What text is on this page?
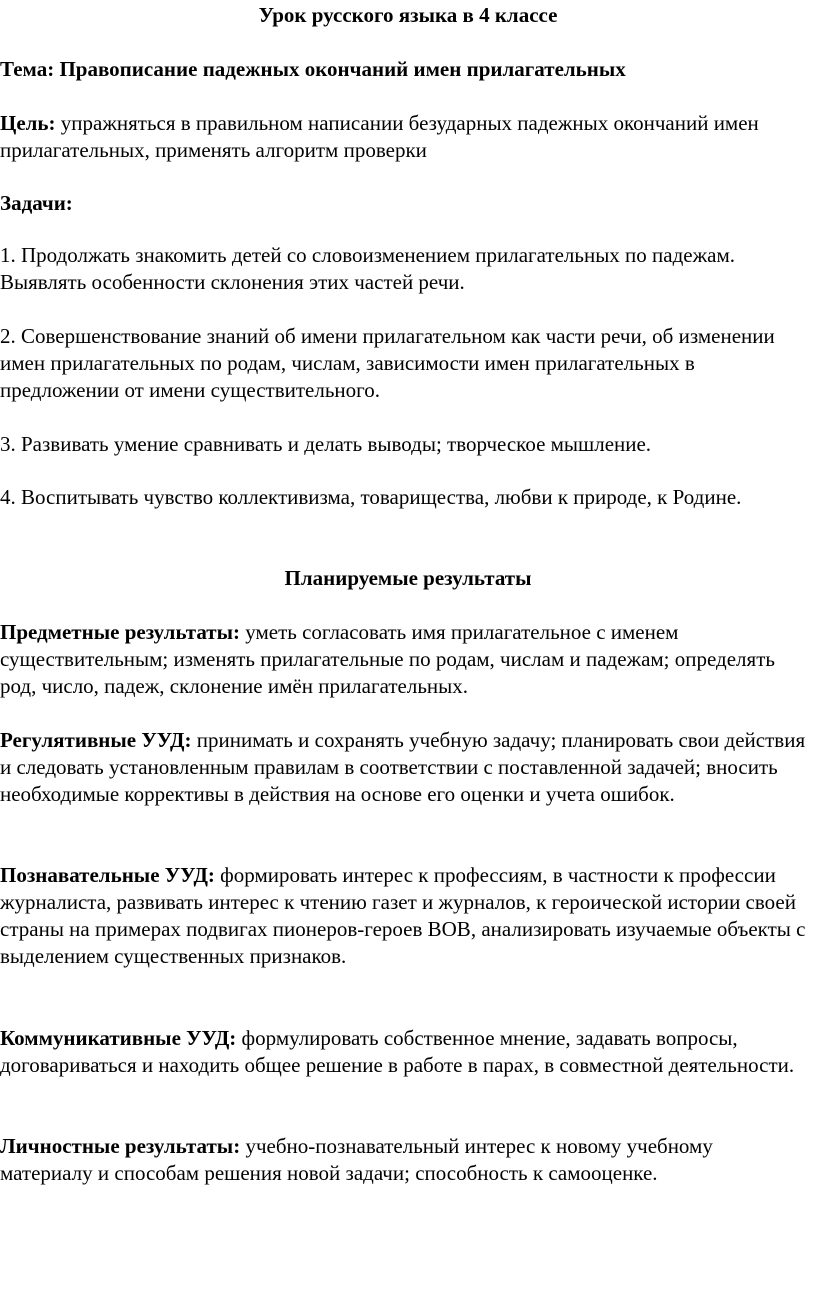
Урок русского языка в 4 классе

Тема: Правописание падежных окончаний имен прилагательных

Цель: упражняться в правильном написании безударных падежных окончаний имен прилагательных, применять алгоритм проверки

Задачи:

1. Продолжать знакомить детей со словоизменением прилагательных по падежам. Выявлять особенности склонения этих частей речи.

2. Совершенствование знаний об имени прилагательном как части речи, об изменении имен прилагательных по родам, числам, зависимости имен прилагательных в предложении от имени существительного.

3. Развивать умение сравнивать и делать выводы; творческое мышление.

4. Воспитывать чувство коллективизма, товарищества, любви к природе, к Родине.

Планируемые результаты

Предметные результаты: уметь согласовать имя прилагательное с именем существительным; изменять прилагательные по родам, числам и падежам; определять род, число, падеж, склонение имён прилагательных.

Регулятивные УУД: принимать и сохранять учебную задачу; планировать свои действия и следовать установленным правилам в соответствии с поставленной задачей; вносить необходимые коррективы в действия на основе его оценки и учета ошибок.

Познавательные УУД: формировать интерес к профессиям, в частности к профессии журналиста, развивать интерес к чтению газет и журналов, к героической истории своей страны на примерах подвигах пионеров-героев ВОВ, анализировать изучаемые объекты с выделением существенных признаков.

Коммуникативные УУД: формулировать собственное мнение, задавать вопросы, договариваться и находить общее решение в работе в парах, в совместной деятельности.

Личностные результаты: учебно-познавательный интерес к новому учебному материалу и способам решения новой задачи; способность к самооценке.
